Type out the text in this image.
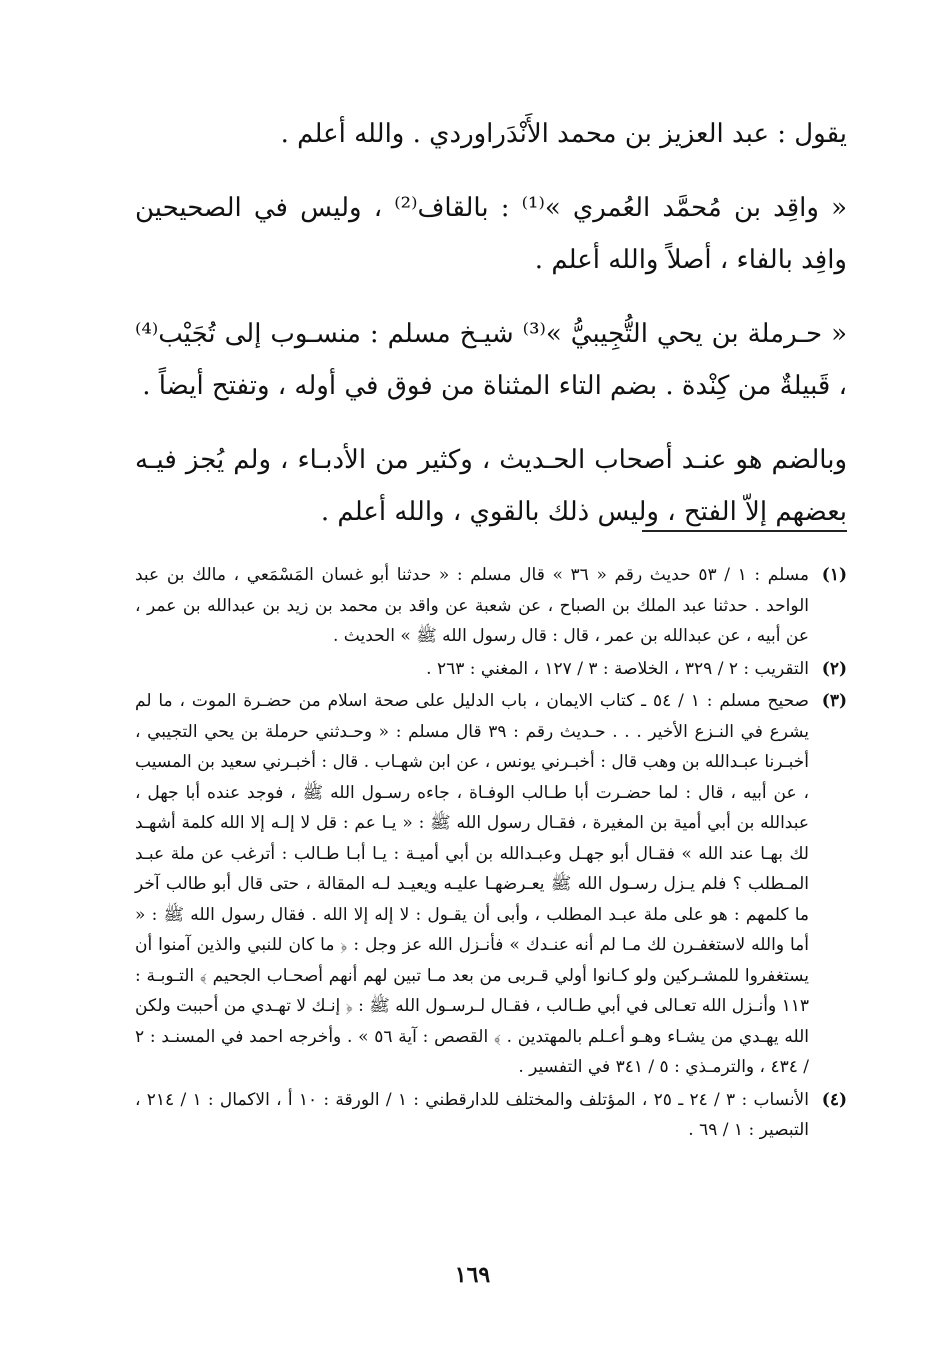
يقول : عبد العزيز بن محمد الأَنْدَراوردي . والله أعلم .

« واقِد بن مُحمَّد العُمري »⁽¹⁾ : بالقاف⁽²⁾ ، وليس في الصحيحين وافِد بالفاء ، أصلاً والله أعلم .

« حـرملة بن يحي التُّجِيبيُّ »⁽³⁾ شيـخ مسلم : منسـوب إلى تُجَيْب⁽⁴⁾ ، قَبيلةٌ من كِنْدة . بضم التاء المثناة من فوق في أوله ، وتفتح أيضاً .

وبالضم هو عنـد أصحاب الحـديث ، وكثير من الأدبـاء ، ولم يُجز فيـه بعضهم إلاّ الفتح ، وليس ذلك بالقوي ، والله أعلم .

(١)
مسلم : ١ / ٥٣ حديث رقم « ٣٦ » قال مسلم : « حدثنا أبو غسان المَسْمَعي ، مالك بن عبد الواحد . حدثنا عبد الملك بن الصباح ، عن شعبة عن واقد بن محمد بن زيد بن عبدالله بن عمر ، عن أبيه ، عن عبدالله بن عمر ، قال : قال رسول الله ﷺ » الحديث .
(٢)
التقريب : ٢ / ٣٢٩ ، الخلاصة : ٣ / ١٢٧ ، المغني : ٢٦٣ .
(٣)
صحيح مسلم : ١ / ٥٤ ـ كتاب الايمان ، باب الدليل على صحة اسلام من حضـرة الموت ، ما لم يشرع في النـزع الأخير . . . حـديث رقم : ٣٩ قال مسلم : « وحـدثني حرملة بن يحي التجيبي ، أخبـرنا عبـدالله بن وهب قال : أخبـرني يونس ، عن ابن شهـاب . قال : أخبـرني سعيد بن المسيب ، عن أبيه ، قال : لما حضـرت أبا طـالب الوفـاة ، جاءه رسـول الله ﷺ ، فوجد عنده أبا جهل ، عبدالله بن أبي أمية بن المغيرة ، فقـال رسول الله ﷺ : « يـا عم : قل لا إلـه إلا الله كلمة أشهـد لك بهـا عند الله » فقـال أبو جهـل وعبـدالله بن أبي أميـة : يـا أبـا طـالب : أترغب عن ملة عبـد المـطلب ؟ فلم يـزل رسـول الله ﷺ يعـرضهـا عليـه ويعيـد لـه المقالة ، حتى قال أبو طالب آخر ما كلمهم : هو على ملة عبـد المطلب ، وأبى أن يقـول : لا إله إلا الله . فقال رسول الله ﷺ : « أما والله لاستغفـرن لك مـا لم أنه عنـدك » فأنـزل الله عز وجل : ﴿ ما كان للنبي والذين آمنوا أن يستغفروا للمشـركين ولو كـانوا أولي قـربى من بعد مـا تبين لهم أنهم أصحـاب الجحيم ﴾ التـوبـة : ١١٣ وأنـزل الله تعـالى في أبي طـالب ، فقـال لـرسـول الله ﷺ : ﴿ إنـك لا تهـدي من أحببت ولكن الله يهـدي من يشـاء وهـو أعـلم بالمهتدين . ﴾ القصص : آية ٥٦ » . وأخرجه احمد في المسنـد : ٢ / ٤٣٤ ، والترمـذي : ٥ / ٣٤١ في التفسير .
(٤)
الأنساب : ٣ / ٢٤ ـ ٢٥ ، المؤتلف والمختلف للدارقطني : ١ / الورقة : ١٠ أ ، الاكمال : ١ / ٢١٤ ، التبصير : ١ / ٦٩ .
١٦٩
